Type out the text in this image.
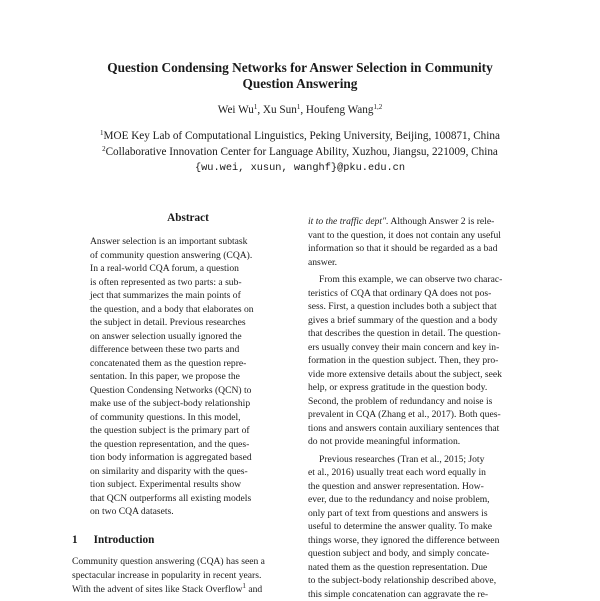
Question Condensing Networks for Answer Selection in Community
Question Answering
Wei Wu$^1$, Xu Sun$^1$, Houfeng Wang$^{1,2}$
$^1$MOE Key Lab of Computational Linguistics, Peking University, Beijing, 100871, China
$^2$Collaborative Innovation Center for Language Ability, Xuzhou, Jiangsu, 221009, China
{wu.wei, xusun, wanghf}@pku.edu.cn
Abstract
Answer selection is an important subtask
of community question answering (CQA).
In a real-world CQA forum, a question
is often represented as two parts: a sub-
ject that summarizes the main points of
the question, and a body that elaborates on
the subject in detail. Previous researches
on answer selection usually ignored the
difference between these two parts and
concatenated them as the question repre-
sentation. In this paper, we propose the
Question Condensing Networks (QCN) to
make use of the subject-body relationship
of community questions. In this model,
the question subject is the primary part of
the question representation, and the ques-
tion body information is aggregated based
on similarity and disparity with the ques-
tion subject. Experimental results show
that QCN outperforms all existing models
on two CQA datasets.
1 Introduction
Community question answering (CQA) has seen a
spectacular increase in popularity in recent years.
With the advent of sites like Stack Overflow$^1$ and
it to the traffic dept". Although Answer 2 is rele-
vant to the question, it does not contain any useful
information so that it should be regarded as a bad
answer.
From this example, we can observe two charac-
teristics of CQA that ordinary QA does not pos-
sess. First, a question includes both a subject that
gives a brief summary of the question and a body
that describes the question in detail. The question-
ers usually convey their main concern and key in-
formation in the question subject. Then, they pro-
vide more extensive details about the subject, seek
help, or express gratitude in the question body.
Second, the problem of redundancy and noise is
prevalent in CQA (Zhang et al., 2017). Both ques-
tions and answers contain auxiliary sentences that
do not provide meaningful information.
Previous researches (Tran et al., 2015; Joty
et al., 2016) usually treat each word equally in
the question and answer representation. How-
ever, due to the redundancy and noise problem,
only part of text from questions and answers is
useful to determine the answer quality. To make
things worse, they ignored the difference between
question subject and body, and simply concate-
nated them as the question representation. Due
to the subject-body relationship described above,
this simple concatenation can aggravate the re-
